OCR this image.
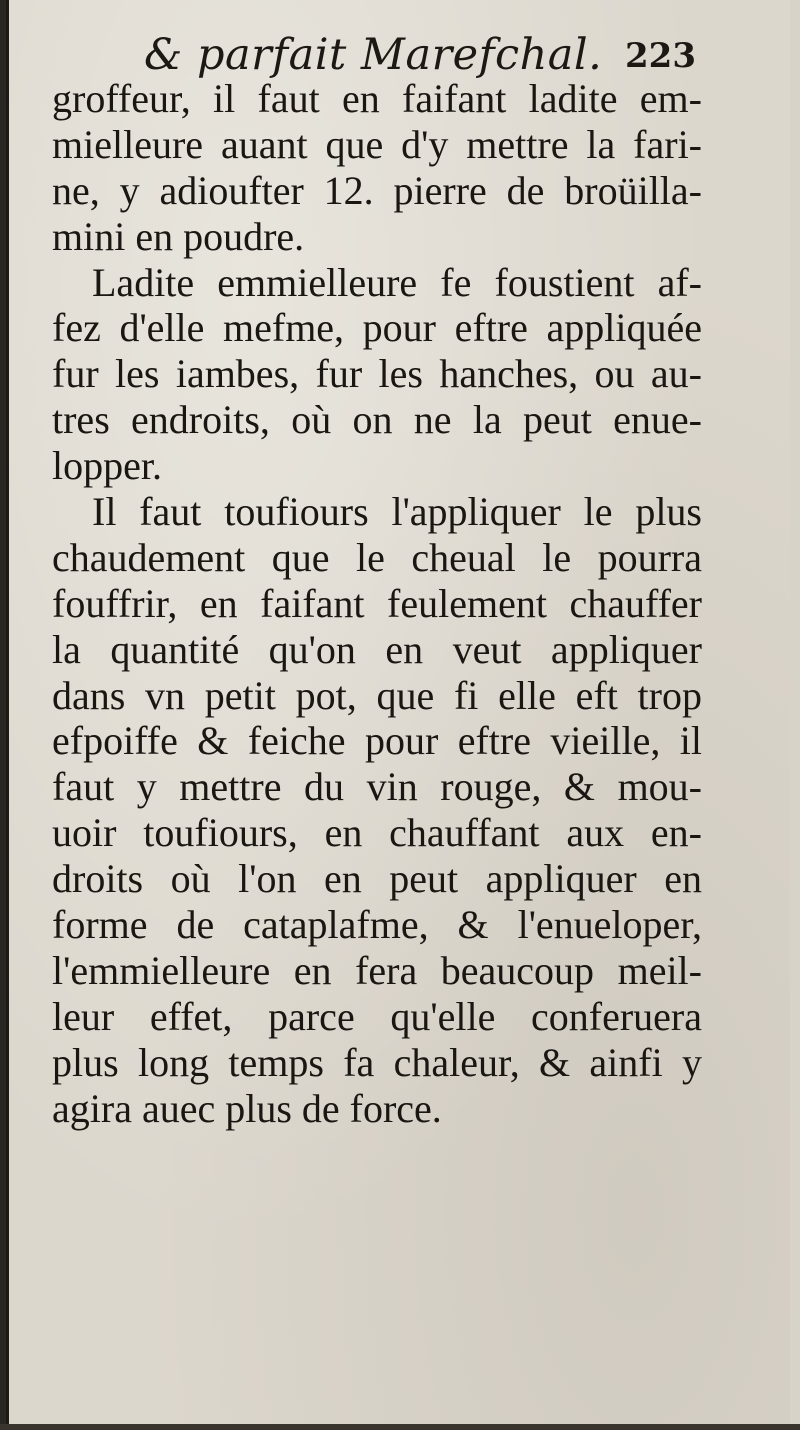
& parfait Marefchal. 223
groffeur, il faut en faifant ladite em-
mielleure auant que d'y mettre la fari-
ne, y adioufter 12. pierre de broüilla-
mini en poudre.
Ladite emmielleure fe foustient af-
fez d'elle mefme, pour eftre appliquée
fur les iambes, fur les hanches, ou au-
tres endroits, où on ne la peut enue-
lopper.
Il faut toufiours l'appliquer le plus
chaudement que le cheual le pourra
fouffrir, en faifant feulement chauffer
la quantité qu'on en veut appliquer
dans vn petit pot, que fi elle eft trop
efpoiffe & feiche pour eftre vieille, il
faut y mettre du vin rouge, & mou-
uoir toufiours, en chauffant aux en-
droits où l'on en peut appliquer en
forme de cataplafme, & l'enueloper,
l'emmielleure en fera beaucoup meil-
leur effet, parce qu'elle conferuera
plus long temps fa chaleur, & ainfi y
agira auec plus de force.
